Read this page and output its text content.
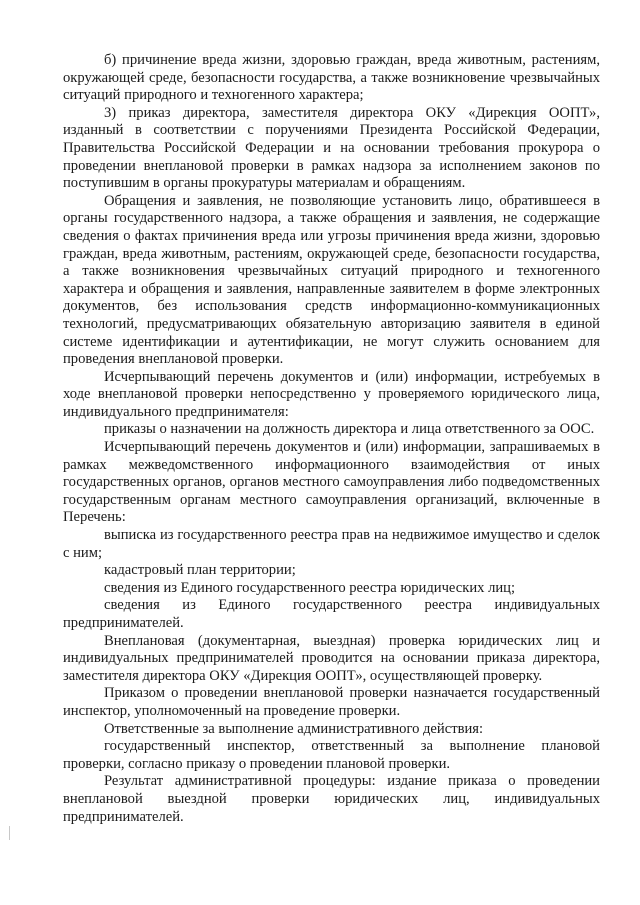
б) причинение вреда жизни, здоровью граждан, вреда животным, растениям, окружающей среде, безопасности государства, а также возникновение чрезвычайных ситуаций природного и техногенного характера;

3) приказ директора, заместителя директора ОКУ «Дирекция ООПТ», изданный в соответствии с поручениями Президента Российской Федерации, Правительства Российской Федерации и на основании требования прокурора о проведении внеплановой проверки в рамках надзора за исполнением законов по поступившим в органы прокуратуры материалам и обращениям.

Обращения и заявления, не позволяющие установить лицо, обратившееся в органы государственного надзора, а также обращения и заявления, не содержащие сведения о фактах причинения вреда или угрозы причинения вреда жизни, здоровью граждан, вреда животным, растениям, окружающей среде, безопасности государства, а также возникновения чрезвычайных ситуаций природного и техногенного характера и обращения и заявления, направленные заявителем в форме электронных документов, без использования средств информационно-коммуникационных технологий, предусматривающих обязательную авторизацию заявителя в единой системе идентификации и аутентификации, не могут служить основанием для проведения внеплановой проверки.

Исчерпывающий перечень документов и (или) информации, истребуемых в ходе внеплановой проверки непосредственно у проверяемого юридического лица, индивидуального предпринимателя:

приказы о назначении на должность директора и лица ответственного за ООС.

Исчерпывающий перечень документов и (или) информации, запрашиваемых в рамках межведомственного информационного взаимодействия от иных государственных органов, органов местного самоуправления либо подведомственных государственным органам местного самоуправления организаций, включенные в Перечень:

выписка из государственного реестра прав на недвижимое имущество и сделок с ним;

кадастровый план территории;

сведения из Единого государственного реестра юридических лиц;

сведения из Единого государственного реестра индивидуальных предпринимателей.

Внеплановая (документарная, выездная) проверка юридических лиц и индивидуальных предпринимателей проводится на основании приказа директора, заместителя директора ОКУ «Дирекция ООПТ», осуществляющей проверку.

Приказом о проведении внеплановой проверки назначается государственный инспектор, уполномоченный на проведение проверки.

Ответственные за выполнение административного действия:

государственный инспектор, ответственный за выполнение плановой проверки, согласно приказу о проведении плановой проверки.

Результат административной процедуры: издание приказа о проведении внеплановой выездной проверки юридических лиц, индивидуальных предпринимателей.
